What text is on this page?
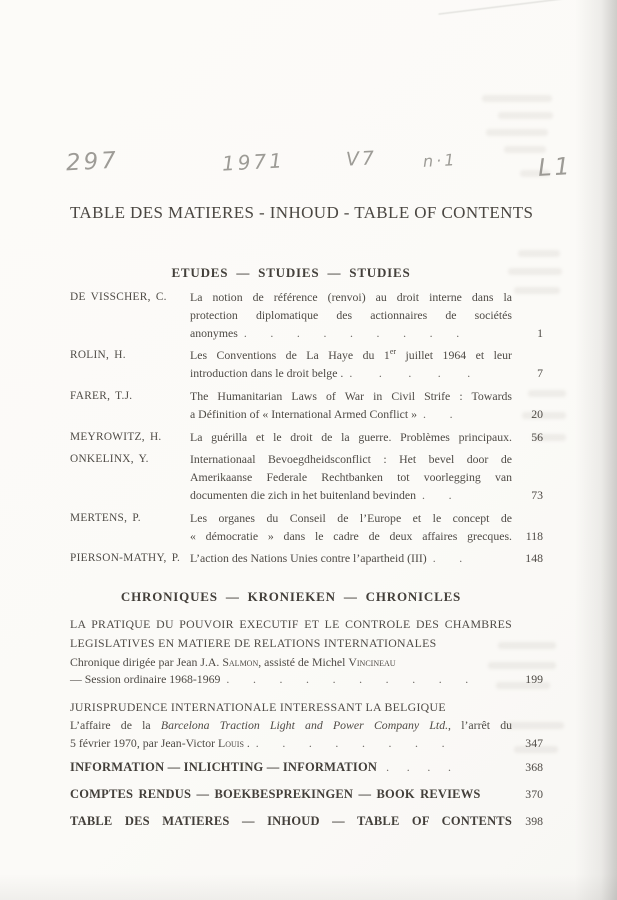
297	1971	V7	n·1	L1
TABLE DES MATIERES - INHOUD - TABLE OF CONTENTS
ETUDES — STUDIES — STUDIES
DE VISSCHER, C.	La notion de référence (renvoi) au droit interne dans la
protection diplomatique des actionnaires de sociétés
anonymes .        .        .        .        .        .        .        .        .	1
ROLIN, H.	Les Conventions de La Haye du 1er juillet 1964 et leur
introduction dans le droit belge . .         .         .         .         .	7
FARER, T.J.	The Humanitarian Laws of War in Civil Strife : Towards
a Définition of « International Armed Conflict » .        .	20
MEYROWITZ, H.	La guérilla et le droit de la guerre. Problèmes principaux.	56
ONKELINX, Y.	Internationaal Bevoegdheidsconflict : Het bevel door de
Amerikaanse Federale Rechtbanken tot voorlegging van
documenten die zich in het buitenland bevinden .        .	73
MERTENS, P.	Les organes du Conseil de l’Europe et le concept de
« démocratie » dans le cadre de deux affaires grecques.	118
PIERSON-MATHY, P. L’action des Nations Unies contre l’apartheid (III) .        .	148
CHRONIQUES — KRONIEKEN — CHRONICLES
LA PRATIQUE DU POUVOIR EXECUTIF ET LE CONTROLE DES CHAMBRES
LEGISLATIVES EN MATIERE DE RELATIONS INTERNATIONALES
Chronique dirigée par Jean J.A. Salmon, assisté de Michel Vincineau
— Session ordinaire 1968-1969 .        .        .        .        .        .        .        .        .        .	199
JURISPRUDENCE INTERNATIONALE INTERESSANT LA BELGIQUE
L’affaire de la Barcelona Traction Light and Power Company Ltd., l’arrêt du
5 février 1970, par Jean-Victor Louis . .        .        .        .        .        .        .        .	347
INFORMATION — INLICHTING — INFORMATION .      .      .      .	368
COMPTES RENDUS — BOEKBESPREKINGEN — BOOK REVIEWS	370
TABLE DES MATIERES — INHOUD — TABLE OF CONTENTS	398
